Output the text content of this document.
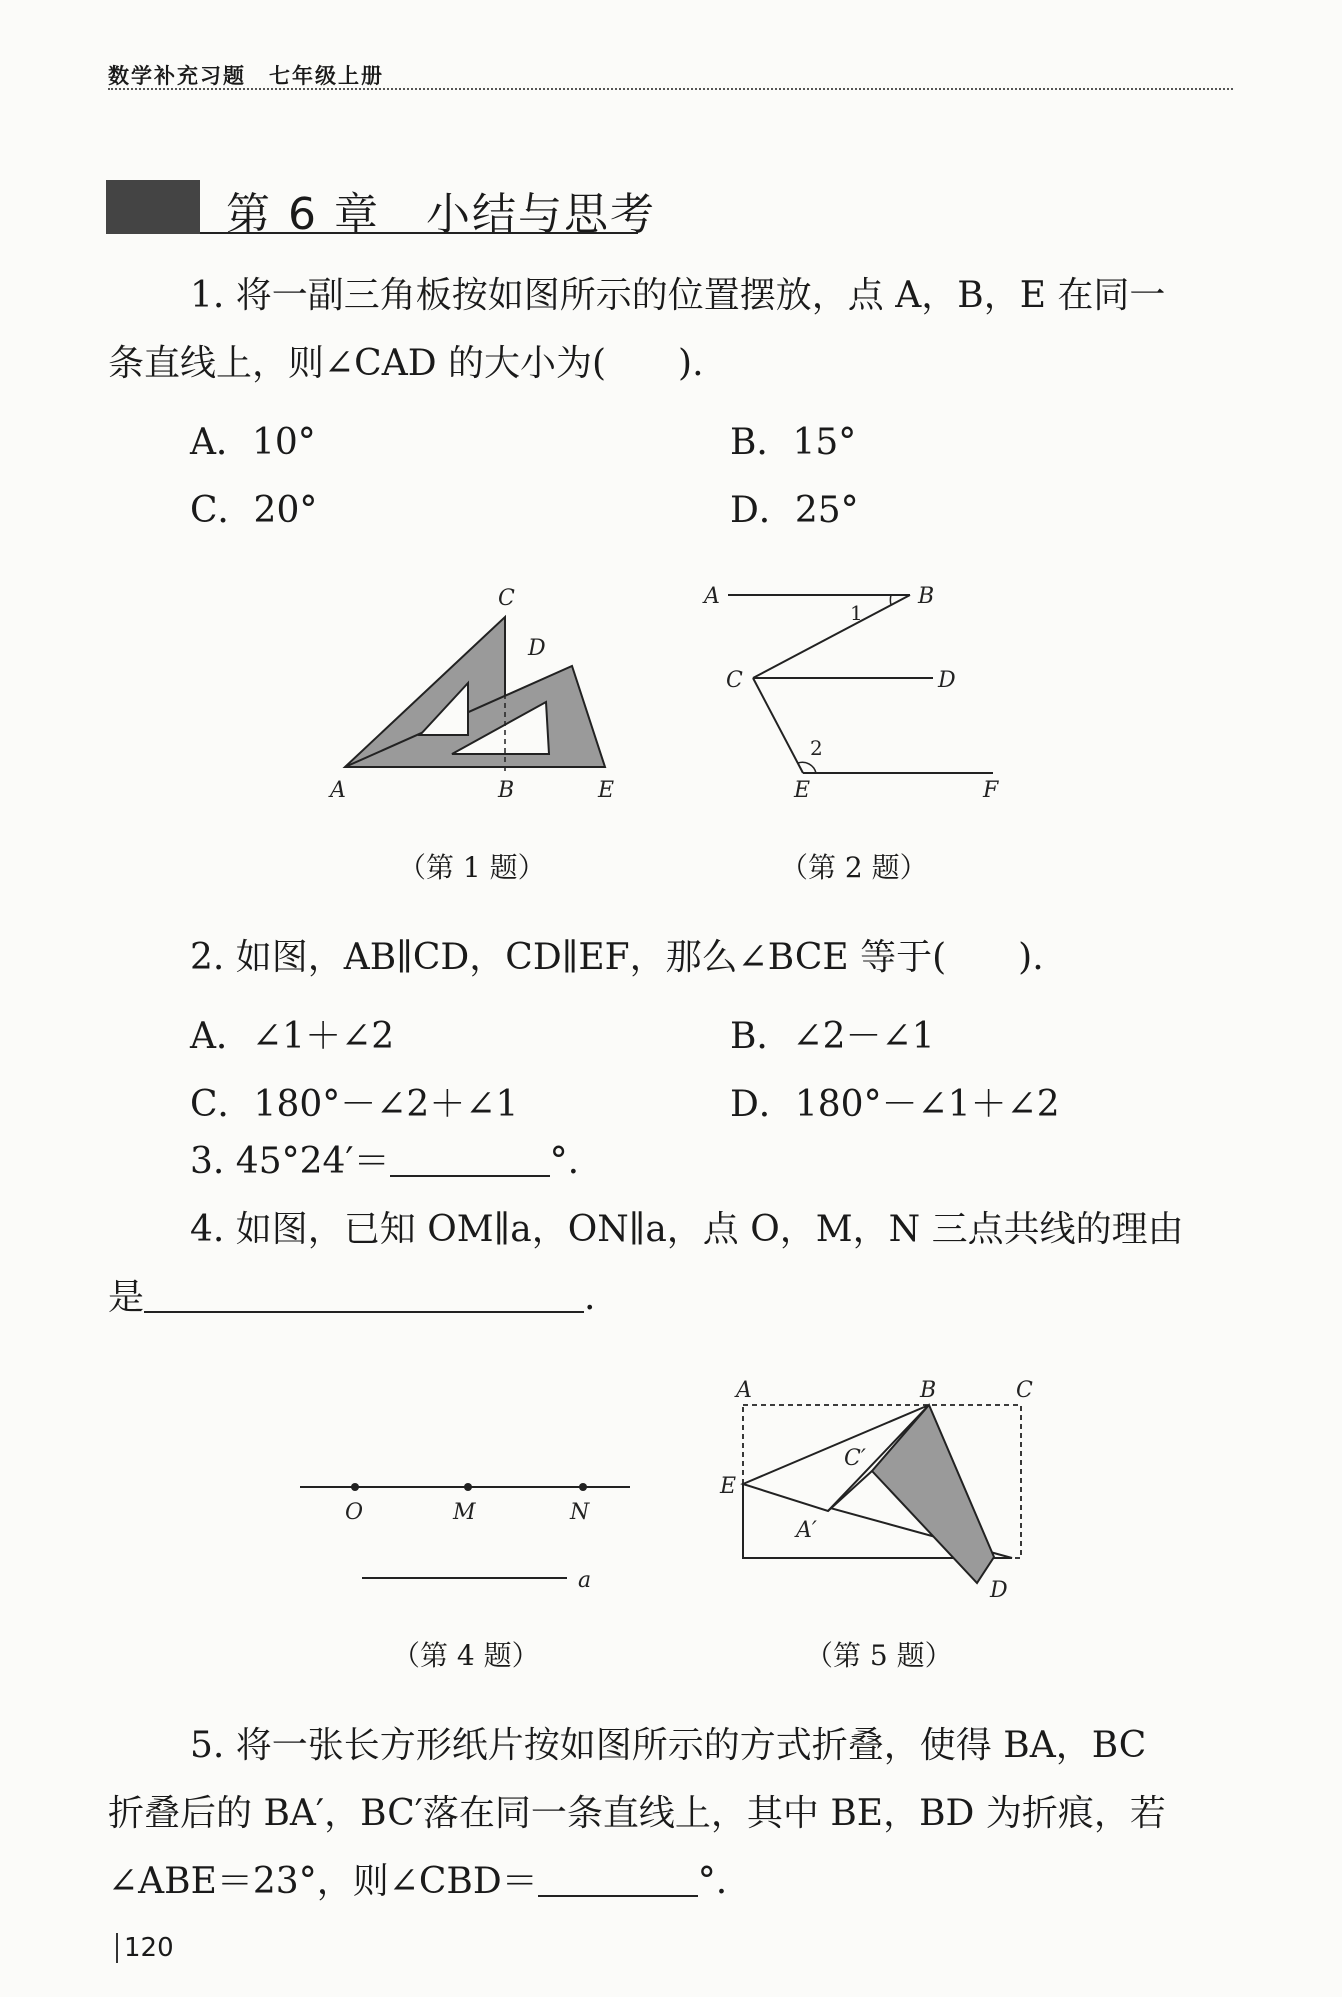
数学补充习题　七年级上册
第 6 章　小结与思考
1. 将一副三角板按如图所示的位置摆放，点 A，B，E 在同一
条直线上，则∠CAD 的大小为(　　).
A．10°	B．15°
C．20°	D．25°
C
D
A	B	E
（第 1 题）
A	B
1
C	D
2
E	F
（第 2 题）
2. 如图，AB∥CD，CD∥EF，那么∠BCE 等于(　　).
A．∠1＋∠2	B．∠2－∠1
C．180°－∠2＋∠1	D．180°－∠1＋∠2
3. 45°24′＝	°.
4. 如图，已知 OM∥a，ON∥a，点 O，M，N 三点共线的理由
是	.
O	M	N
a
（第 4 题）
A	B	C
E
C′
A′
D
（第 5 题）
5. 将一张长方形纸片按如图所示的方式折叠，使得 BA，BC
折叠后的 BA′，BC′落在同一条直线上，其中 BE，BD 为折痕，若
∠ABE＝23°，则∠CBD＝	°.
120
